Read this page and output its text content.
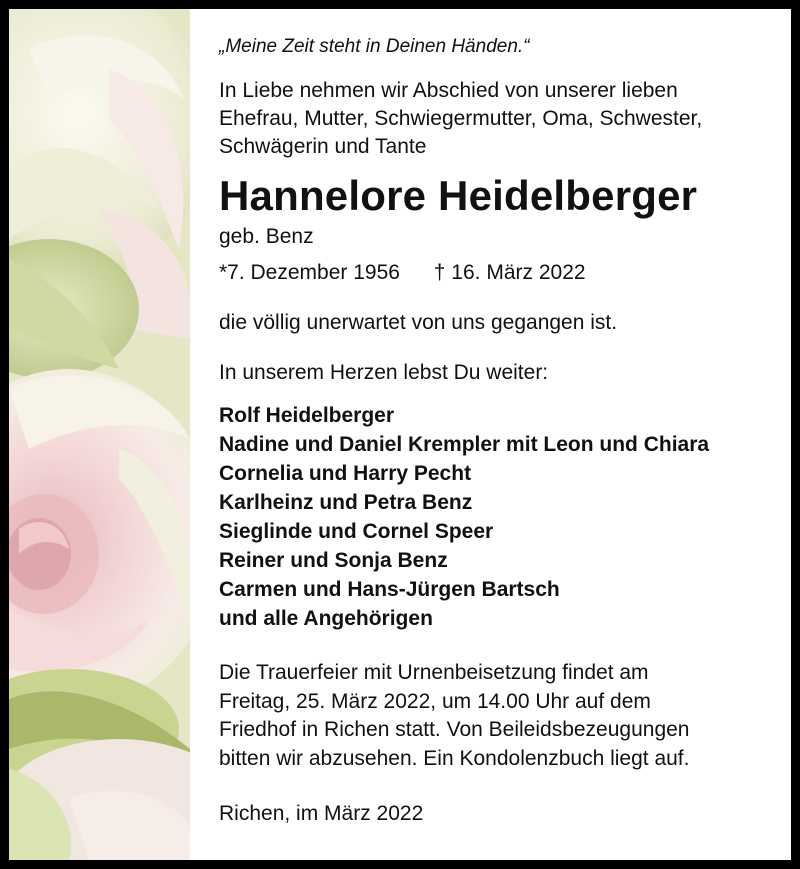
„Meine Zeit steht in Deinen Händen.“

In Liebe nehmen wir Abschied von unserer lieben
Ehefrau, Mutter, Schwiegermutter, Oma, Schwester,
Schwägerin und Tante

Hannelore Heidelberger

geb. Benz

*7. Dezember 1956 † 16. März 2022

die völlig unerwartet von uns gegangen ist.

In unserem Herzen lebst Du weiter:

Rolf Heidelberger
Nadine und Daniel Krempler mit Leon und Chiara
Cornelia und Harry Pecht
Karlheinz und Petra Benz
Sieglinde und Cornel Speer
Reiner und Sonja Benz
Carmen und Hans-Jürgen Bartsch
und alle Angehörigen

Die Trauerfeier mit Urnenbeisetzung findet am
Freitag, 25. März 2022, um 14.00 Uhr auf dem
Friedhof in Richen statt. Von Beileidsbezeugungen
bitten wir abzusehen. Ein Kondolenzbuch liegt auf.

Richen, im März 2022
